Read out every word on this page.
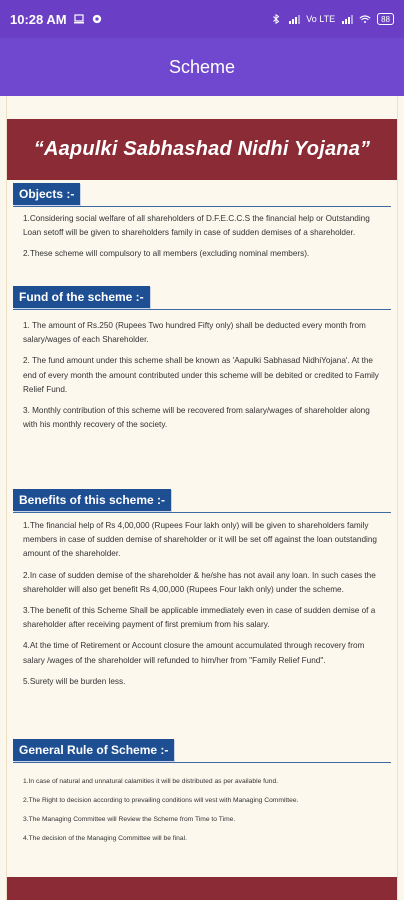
10:28 AM	Vo LTE	88
Scheme
“Aapulki Sabhashad Nidhi Yojana”
Objects :-

1.Considering social welfare of all shareholders of D.F.E.C.C.S the financial help or Outstanding Loan setoff will be given to shareholders family in case of sudden demises of a shareholder.

2.These scheme will compulsory to all members (excluding nominal members).

Fund of the scheme :-

1. The amount of Rs.250 (Rupees Two hundred Fifty only) shall be deducted every month from salary/wages of each Shareholder.

2. The fund amount under this scheme shall be known as 'Aapulki Sabhasad NidhiYojana'. At the end of every month the amount contributed under this scheme will be debited or credited to Family Relief Fund.

3. Monthly contribution of this scheme will be recovered from salary/wages of shareholder along with his monthly recovery of the society.

Benefits of this scheme :-

1.The financial help of Rs 4,00,000 (Rupees Four lakh only) will be given to shareholders family members in case of sudden demise of shareholder or it will be set off against the loan outstanding amount of the shareholder.

2.In case of sudden demise of the shareholder & he/she has not avail any loan. In such cases the shareholder will also get benefit Rs 4,00,000 (Rupees Four lakh only) under the scheme.

3.The benefit of this Scheme Shall be applicable immediately even in case of sudden demise of a shareholder after receiving payment of first premium from his salary.

4.At the time of Retirement or Account closure the amount accumulated through recovery from salary /wages of the shareholder will refunded to him/her from "Family Relief Fund".

5.Surety will be burden less.

General Rule of Scheme :-

1.In case of natural and unnatural calamities it will be distributed as per available fund.

2.The Right to decision according to prevailing conditions will vest with Managing Committee.

3.The Managing Committee will Review the Scheme from Time to Time.

4.The decision of the Managing Committee will be final.
